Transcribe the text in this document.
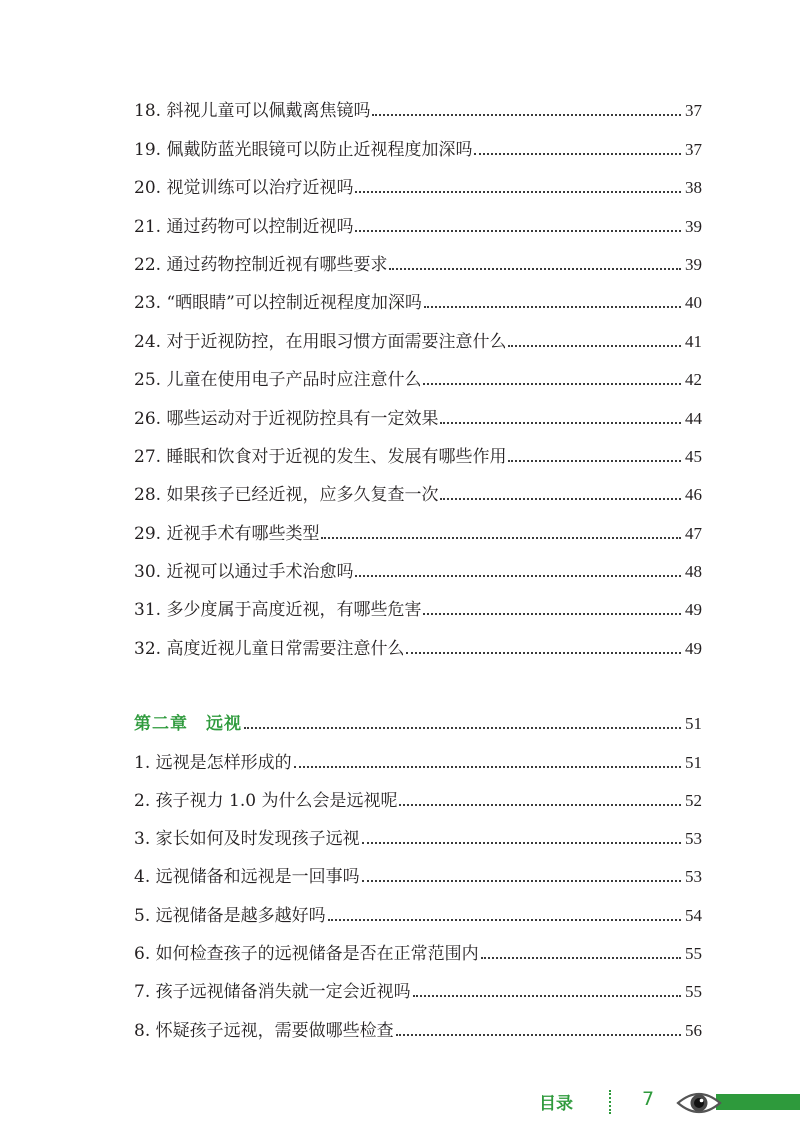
18. 斜视儿童可以佩戴离焦镜吗	37
19. 佩戴防蓝光眼镜可以防止近视程度加深吗	37
20. 视觉训练可以治疗近视吗	38
21. 通过药物可以控制近视吗	39
22. 通过药物控制近视有哪些要求	39
23. “晒眼睛”可以控制近视程度加深吗	40
24. 对于近视防控，在用眼习惯方面需要注意什么	41
25. 儿童在使用电子产品时应注意什么	42
26. 哪些运动对于近视防控具有一定效果	44
27. 睡眠和饮食对于近视的发生、发展有哪些作用	45
28. 如果孩子已经近视，应多久复查一次	46
29. 近视手术有哪些类型	47
30. 近视可以通过手术治愈吗	48
31. 多少度属于高度近视，有哪些危害	49
32. 高度近视儿童日常需要注意什么	49
第二章　远视	51
1. 远视是怎样形成的	51
2. 孩子视力 1.0 为什么会是远视呢	52
3. 家长如何及时发现孩子远视	53
4. 远视储备和远视是一回事吗	53
5. 远视储备是越多越好吗	54
6. 如何检查孩子的远视储备是否在正常范围内	55
7. 孩子远视储备消失就一定会近视吗	55
8. 怀疑孩子远视，需要做哪些检查	56
目录	7
